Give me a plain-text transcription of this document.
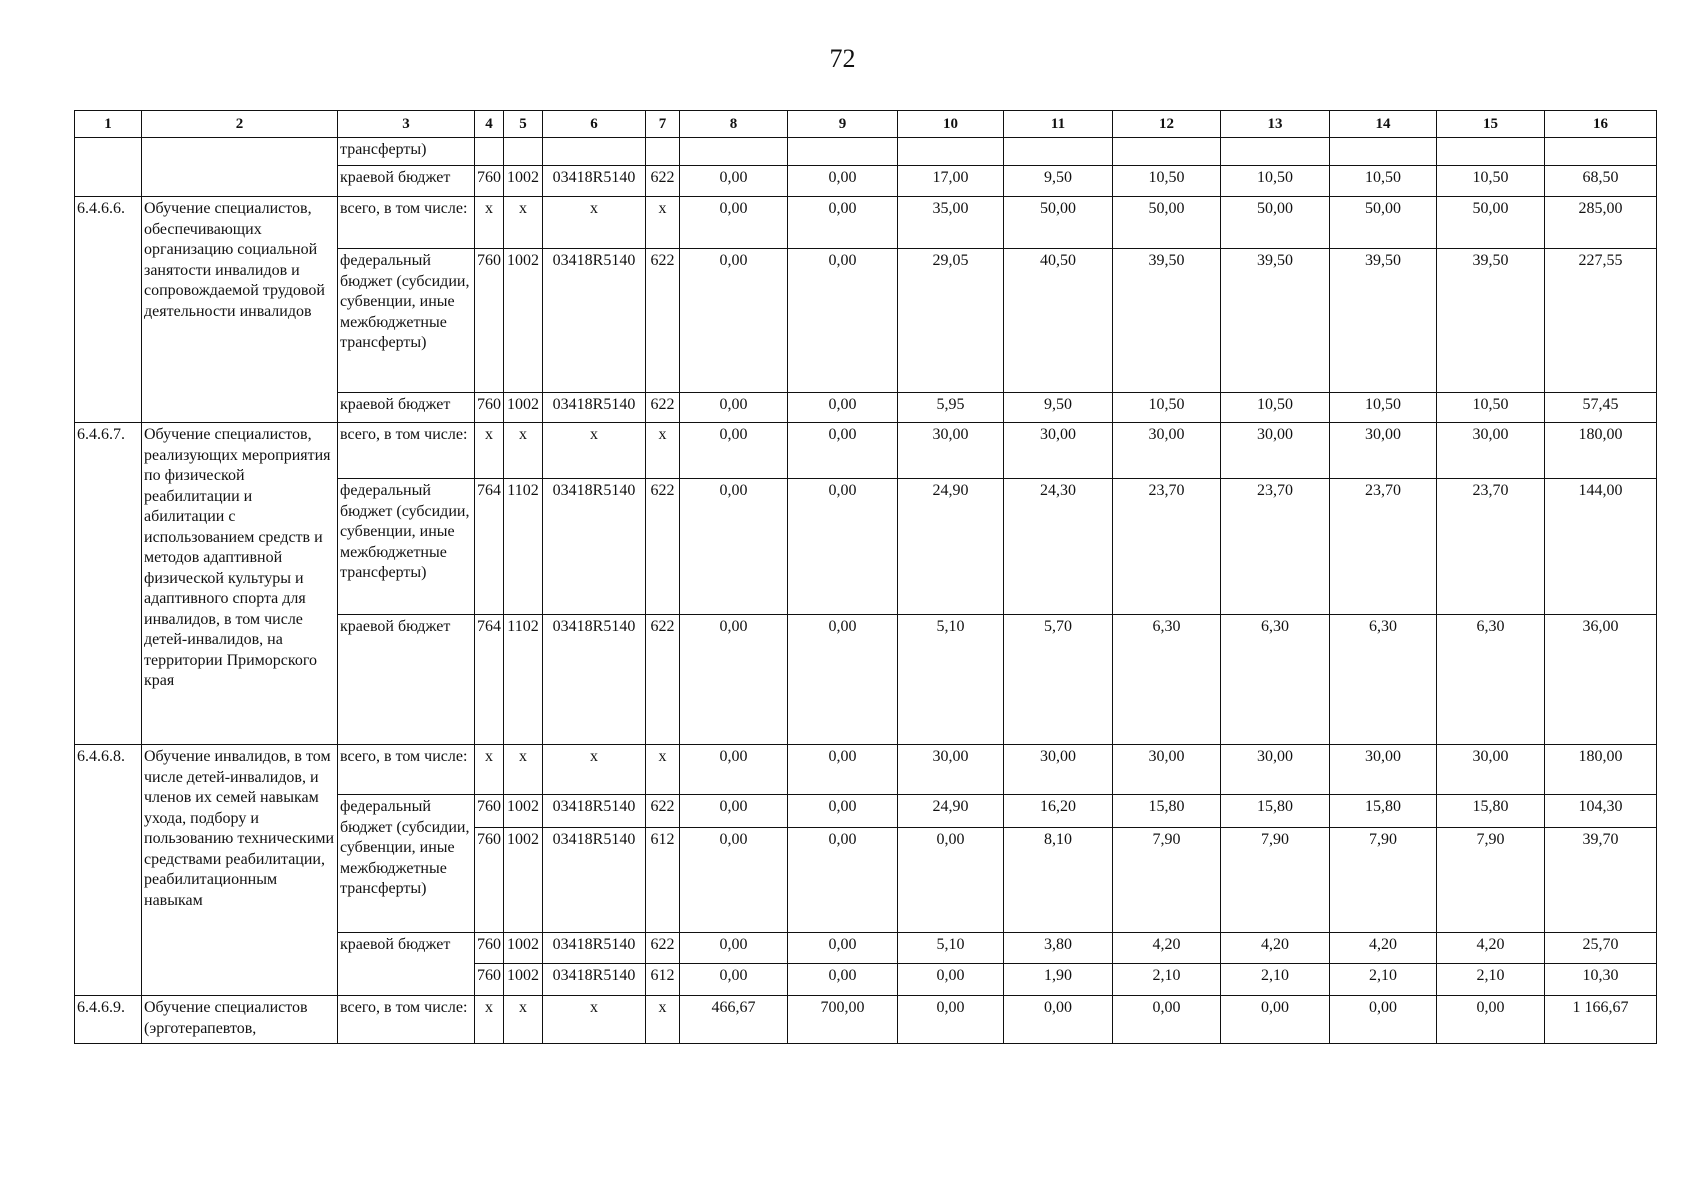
72
1	2	3	4	5	6	7	8	9	10	11	12	13	14	15	16
		трансферты)													
		краевой бюджет	760	1002	03418R5140	622	0,00	0,00	17,00	9,50	10,50	10,50	10,50	10,50	68,50
6.4.6.6.	Обучение специалистов, обеспечивающих организацию социальной занятости инвалидов и сопровождаемой трудовой деятельности инвалидов	всего, в том числе:	x	x	x	x	0,00	0,00	35,00	50,00	50,00	50,00	50,00	50,00	285,00
		федеральный бюджет (субсидии, субвенции, иные межбюджетные трансферты)	760	1002	03418R5140	622	0,00	0,00	29,05	40,50	39,50	39,50	39,50	39,50	227,55
		краевой бюджет	760	1002	03418R5140	622	0,00	0,00	5,95	9,50	10,50	10,50	10,50	10,50	57,45
6.4.6.7.	Обучение специалистов, реализующих мероприятия по физической реабилитации и абилитации с использованием средств и методов адаптивной физической культуры и адаптивного спорта для инвалидов, в том числе детей-инвалидов, на территории Приморского края	всего, в том числе:	x	x	x	x	0,00	0,00	30,00	30,00	30,00	30,00	30,00	30,00	180,00
		федеральный бюджет (субсидии, субвенции, иные межбюджетные трансферты)	764	1102	03418R5140	622	0,00	0,00	24,90	24,30	23,70	23,70	23,70	23,70	144,00
		краевой бюджет	764	1102	03418R5140	622	0,00	0,00	5,10	5,70	6,30	6,30	6,30	6,30	36,00
6.4.6.8.	Обучение инвалидов, в том числе детей-инвалидов, и членов их семей навыкам ухода, подбору и пользованию техническими средствами реабилитации, реабилитационным навыкам	всего, в том числе:	x	x	x	x	0,00	0,00	30,00	30,00	30,00	30,00	30,00	30,00	180,00
		федеральный бюджет (субсидии, субвенции, иные межбюджетные трансферты)	760	1002	03418R5140	622	0,00	0,00	24,90	16,20	15,80	15,80	15,80	15,80	104,30
			760	1002	03418R5140	612	0,00	0,00	0,00	8,10	7,90	7,90	7,90	7,90	39,70
		краевой бюджет	760	1002	03418R5140	622	0,00	0,00	5,10	3,80	4,20	4,20	4,20	4,20	25,70
			760	1002	03418R5140	612	0,00	0,00	0,00	1,90	2,10	2,10	2,10	2,10	10,30
6.4.6.9.	Обучение специалистов (эрготерапевтов,	всего, в том числе:	x	x	x	x	466,67	700,00	0,00	0,00	0,00	0,00	0,00	0,00	1 166,67
